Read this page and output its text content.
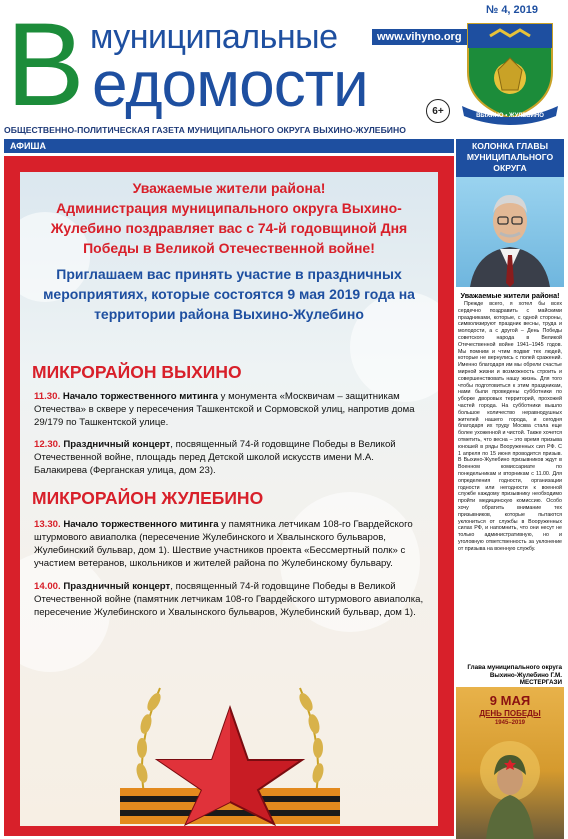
В муниципальные
едомости
www.vihyno.org
6+
№ 4, 2019
ВЫХИНО • ЖУЛЕБИНО
ОБЩЕСТВЕННО-ПОЛИТИЧЕСКАЯ ГАЗЕТА МУНИЦИПАЛЬНОГО ОКРУГА ВЫХИНО-ЖУЛЕБИНО
АФИША
Уважаемые жители района!
Администрация муниципального округа Выхино-Жулебино поздравляет вас с 74-й годовщиной Дня Победы в Великой Отечественной войне!
Приглашаем вас принять участие в праздничных мероприятиях, которые состоятся 9 мая 2019 года на территории района Выхино-Жулебино
МИКРОРАЙОН ВЫХИНО
11.30. Начало торжественного митинга у монумента «Москвичам – защитникам Отечества» в сквере у пересечения Ташкентской и Сормовской улиц, напротив дома 29/179 по Ташкентской улице.
12.30. Праздничный концерт, посвященный 74-й годовщине Победы в Великой Отечественной войне, площадь перед Детской школой искусств имени М.А. Балакирева (Ферганская улица, дом 23).
МИКРОРАЙОН ЖУЛЕБИНО
13.30. Начало торжественного митинга у памятника летчикам 108-го Гвардейского штурмового авиаполка (пересечение Жулебинского и Хвалынского бульваров, Жулебинский бульвар, дом 1). Шествие участников проекта «Бессмертный полк» с участием ветеранов, школьников и жителей района по Жулебинскому бульвару.
14.00. Праздничный концерт, посвященный 74-й годовщине Победы в Великой Отечественной войне (памятник летчикам 108-го Гвардейского штурмового авиаполка, пересечение Жулебинского и Хвалынского бульваров, Жулебинский бульвар, дом 1).
КОЛОНКА ГЛАВЫ МУНИЦИПАЛЬНОГО ОКРУГА
Уважаемые жители района!
Прежде всего, я хотел бы всех сердечно поздравить с майскими праздниками, которые, с одной стороны, символизируют праздник весны, труда и молодости, а с другой – День Победы советского народа в Великой Отечественной войне 1941–1945 годов. Мы помним и чтим подвиг тех людей, которые не вернулись с полей сражений. Именно благодаря им мы обрели счастье мирной жизни и возможность строить и совершенствовать нашу жизнь. Для того чтобы подготовиться к этим праздникам, нами были проведены субботники по уборке дворовых территорий, прохожей частей города. На субботники вышло большое количество неравнодушных жителей нашего города, и сегодня благодаря их труду Москва стала еще более ухоженной и чистой. Также хочется отметить, что весна – это время призыва юношей в ряды Вооруженных сил РФ. С 1 апреля по 15 июня проводится призыв. В Выхино-Жулебино призывников ждут в Военном комиссариате по понедельникам и вторникам с 11.00. Для определения годности, организации годности или негодности к военной службе каждому призывнику необходимо пройти медицинскую комиссию. Особо хочу обратить внимание тех призывников, которые пытаются уклониться от службы в Вооруженных силах РФ, и напомнить, что они несут не только административную, но и уголовную ответственность за уклонение от призыва на военную службу.
Глава муниципального округа Выхино-Жулебино Г.М. МЕСТЕРГАЗИ
9 МАЯ
ДЕНЬ ПОБЕДЫ
1945–2019
